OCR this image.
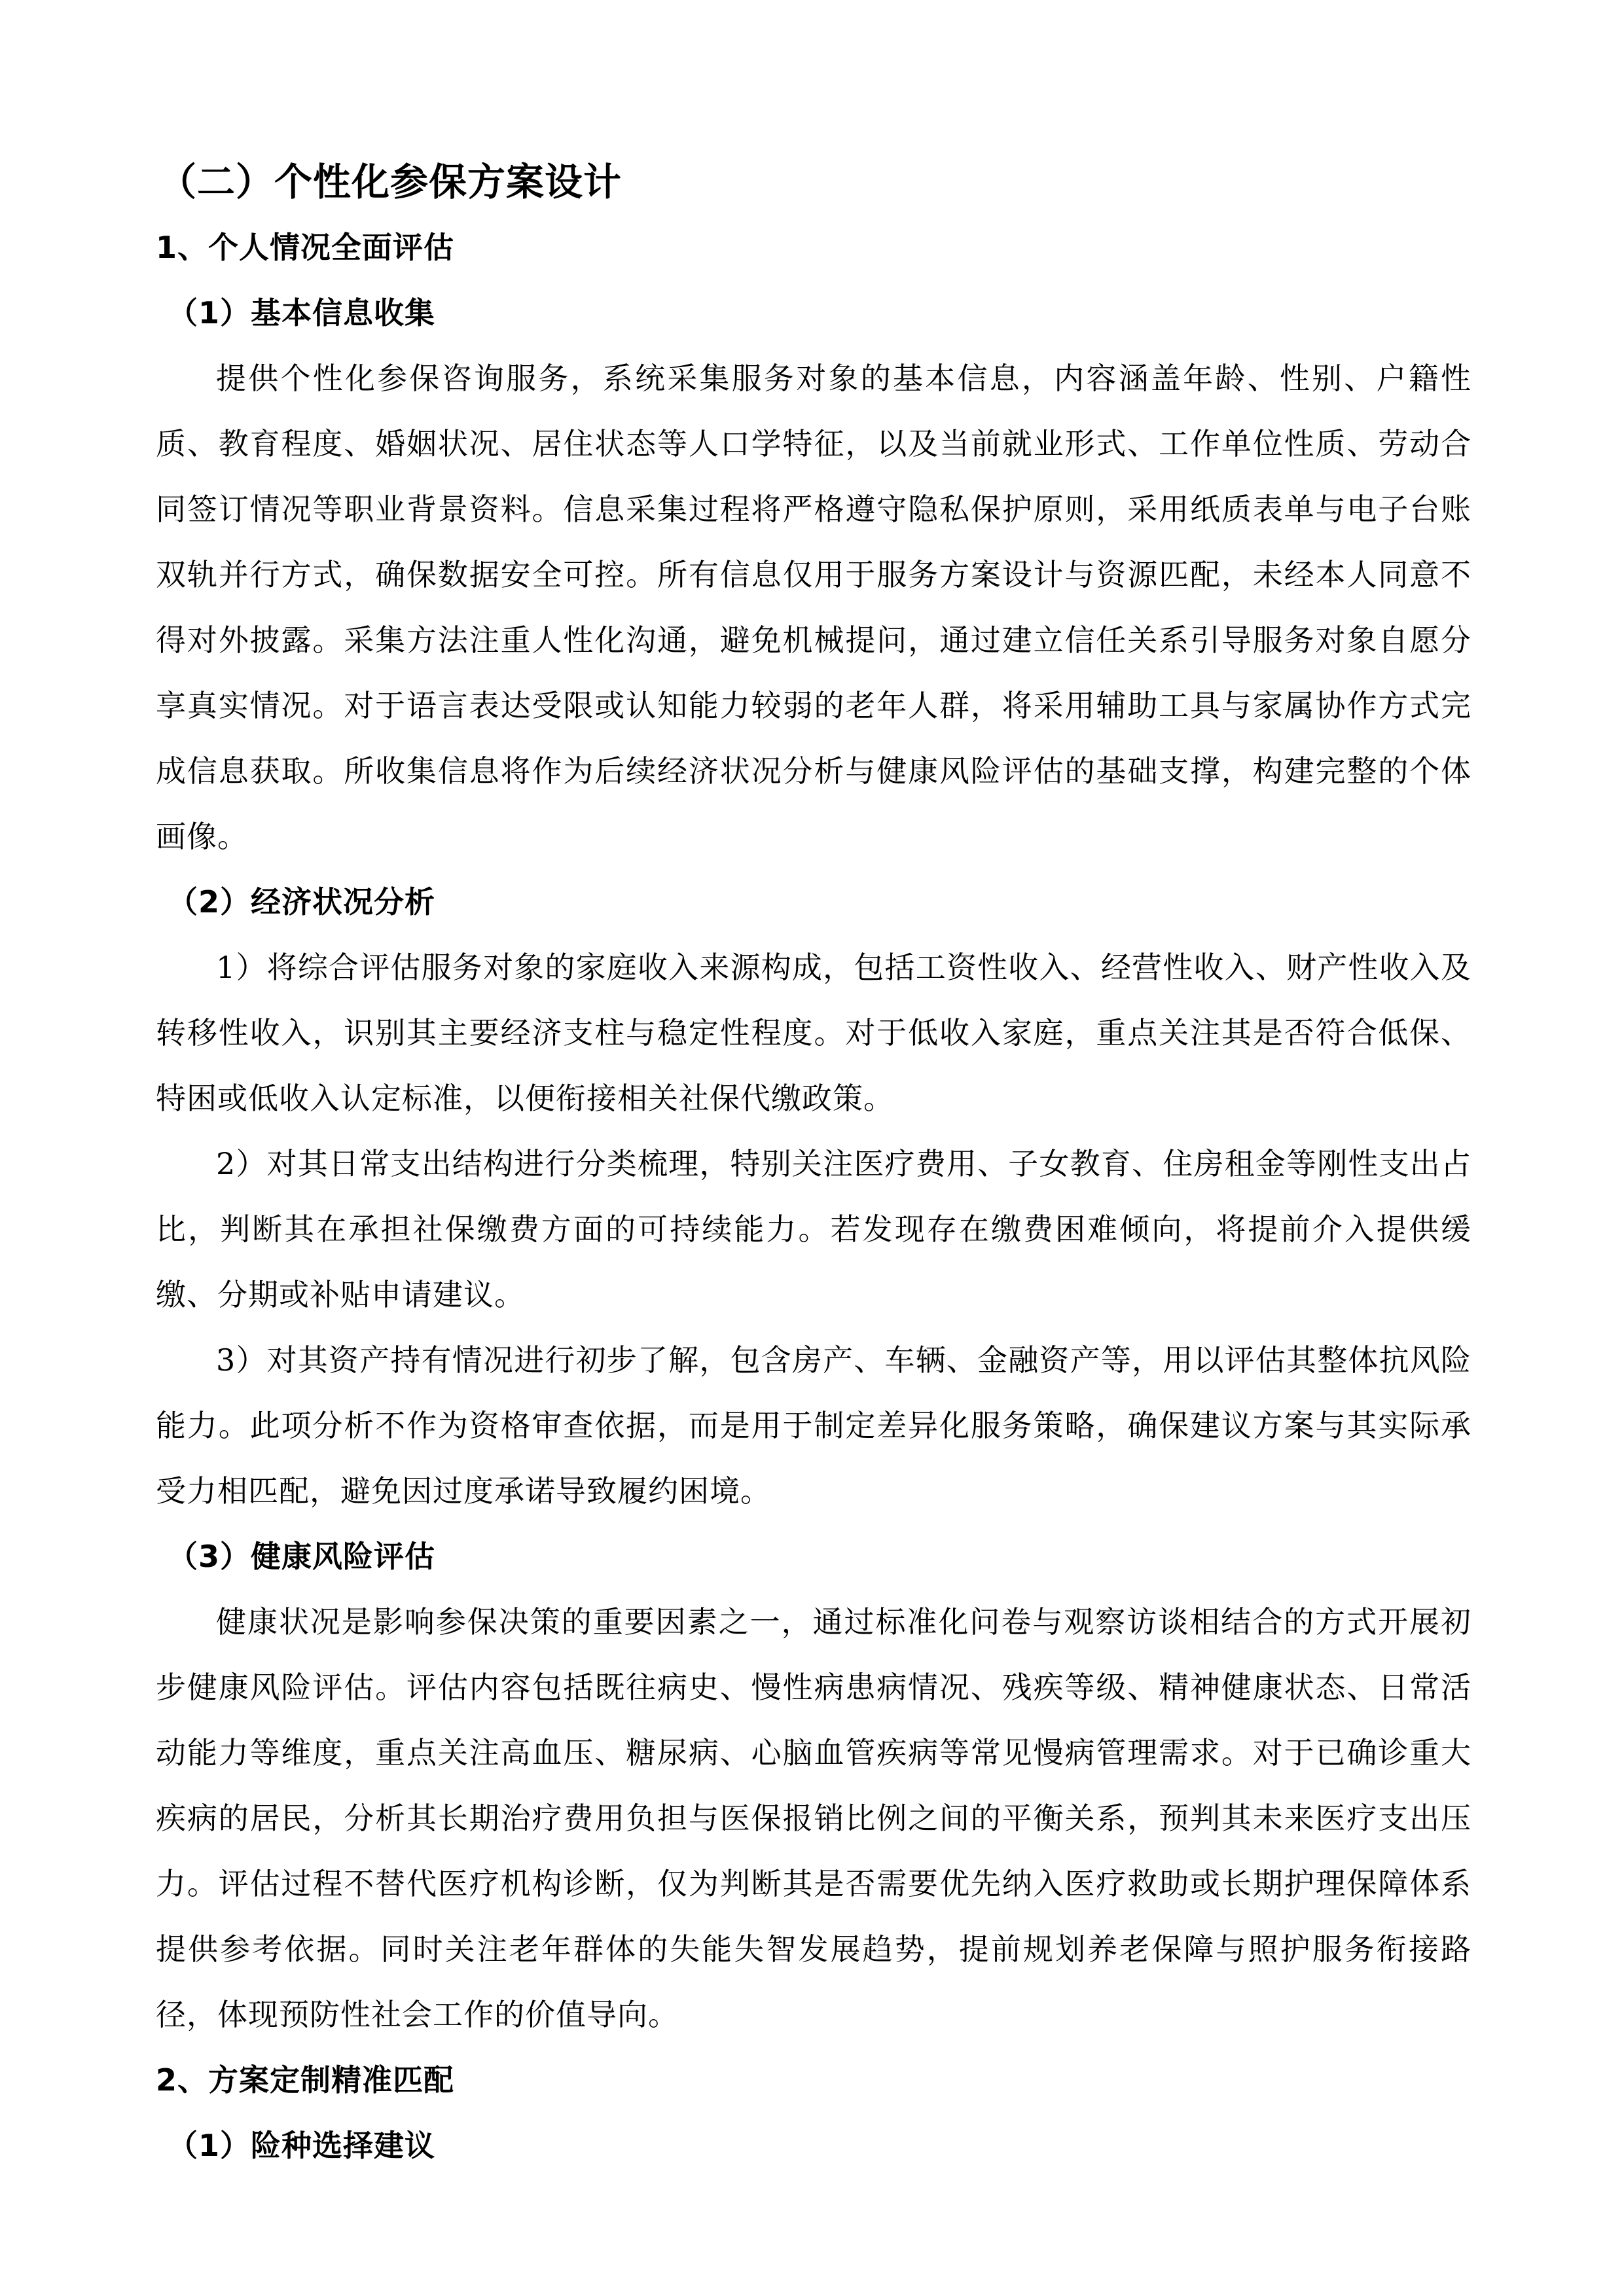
（二）个性化参保方案设计
1、个人情况全面评估
（1）基本信息收集

提供个性化参保咨询服务，系统采集服务对象的基本信息，内容涵盖年龄、性别、户籍性质、教育程度、婚姻状况、居住状态等人口学特征，以及当前就业形式、工作单位性质、劳动合同签订情况等职业背景资料。信息采集过程将严格遵守隐私保护原则，采用纸质表单与电子台账双轨并行方式，确保数据安全可控。所有信息仅用于服务方案设计与资源匹配，未经本人同意不得对外披露。采集方法注重人性化沟通，避免机械提问，通过建立信任关系引导服务对象自愿分享真实情况。对于语言表达受限或认知能力较弱的老年人群，将采用辅助工具与家属协作方式完成信息获取。所收集信息将作为后续经济状况分析与健康风险评估的基础支撑，构建完整的个体画像。

（2）经济状况分析

1）将综合评估服务对象的家庭收入来源构成，包括工资性收入、经营性收入、财产性收入及转移性收入，识别其主要经济支柱与稳定性程度。对于低收入家庭，重点关注其是否符合低保、特困或低收入认定标准，以便衔接相关社保代缴政策。

2）对其日常支出结构进行分类梳理，特别关注医疗费用、子女教育、住房租金等刚性支出占比，判断其在承担社保缴费方面的可持续能力。若发现存在缴费困难倾向，将提前介入提供缓缴、分期或补贴申请建议。

3）对其资产持有情况进行初步了解，包含房产、车辆、金融资产等，用以评估其整体抗风险能力。此项分析不作为资格审查依据，而是用于制定差异化服务策略，确保建议方案与其实际承受力相匹配，避免因过度承诺导致履约困境。

（3）健康风险评估

健康状况是影响参保决策的重要因素之一，通过标准化问卷与观察访谈相结合的方式开展初步健康风险评估。评估内容包括既往病史、慢性病患病情况、残疾等级、精神健康状态、日常活动能力等维度，重点关注高血压、糖尿病、心脑血管疾病等常见慢病管理需求。对于已确诊重大疾病的居民，分析其长期治疗费用负担与医保报销比例之间的平衡关系，预判其未来医疗支出压力。评估过程不替代医疗机构诊断，仅为判断其是否需要优先纳入医疗救助或长期护理保障体系提供参考依据。同时关注老年群体的失能失智发展趋势，提前规划养老保障与照护服务衔接路径，体现预防性社会工作的价值导向。

2、方案定制精准匹配
（1）险种选择建议
